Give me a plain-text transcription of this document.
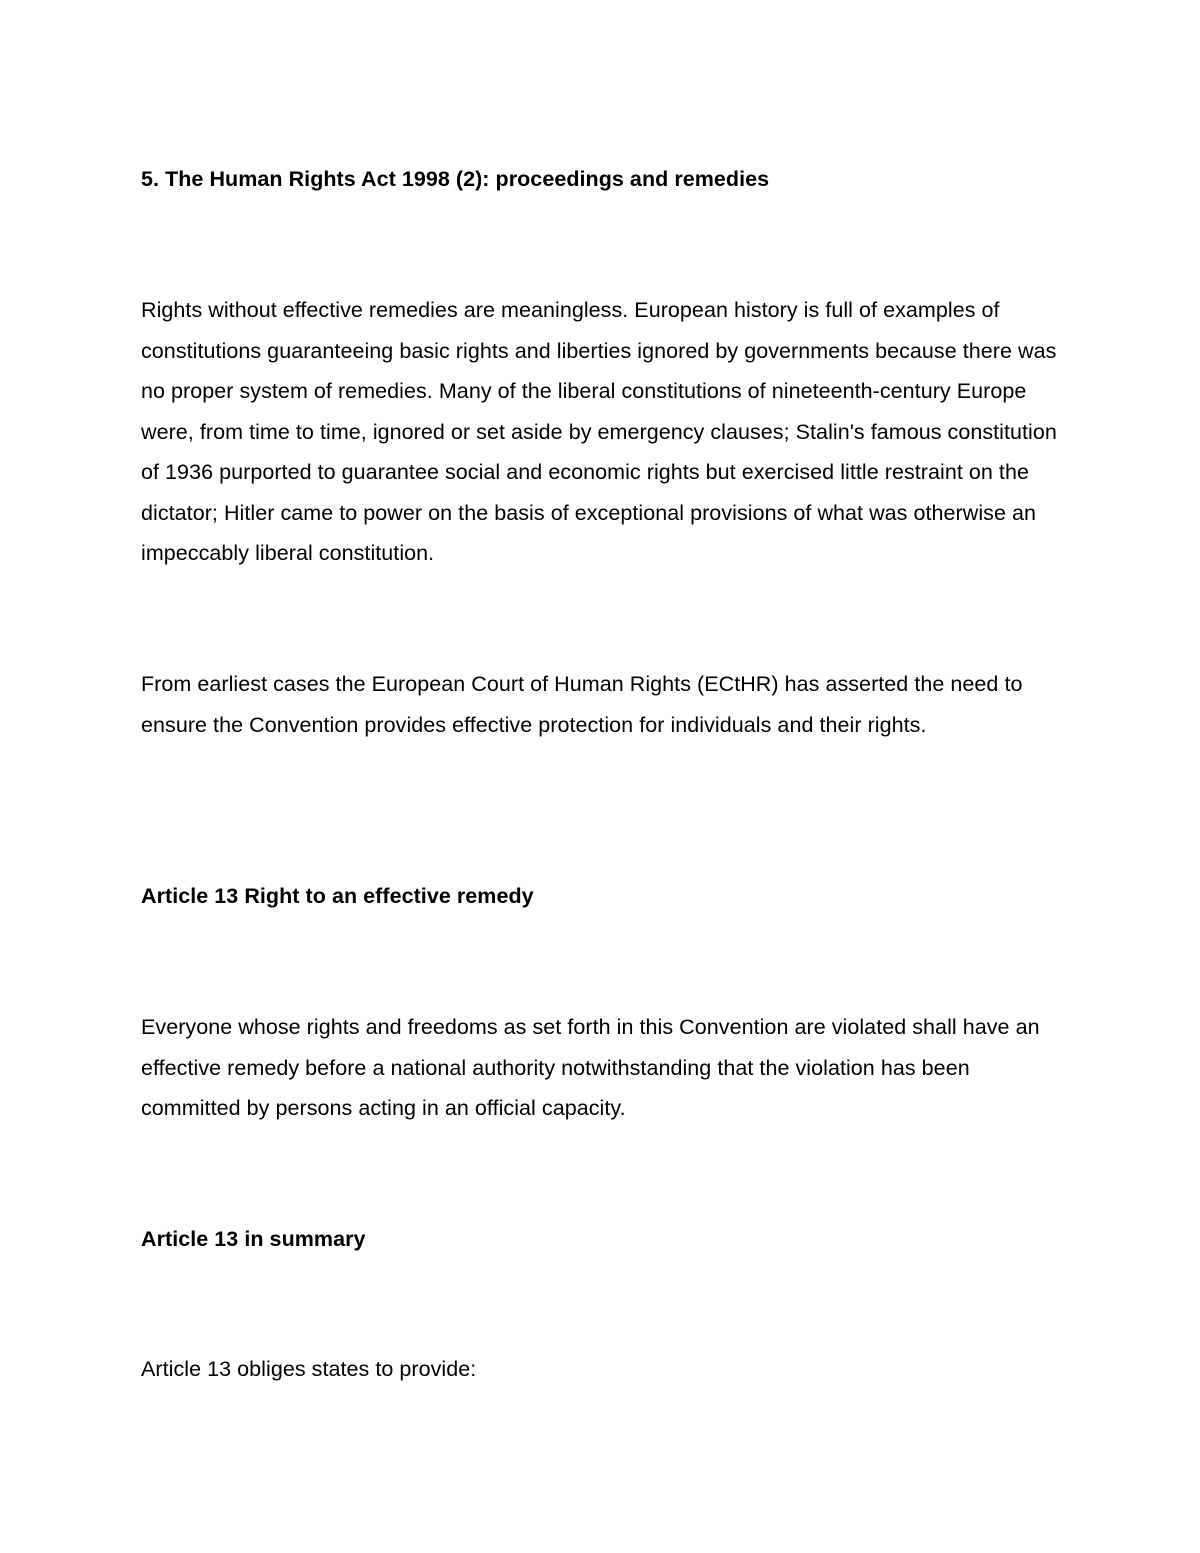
5. The Human Rights Act 1998 (2): proceedings and remedies

Rights without effective remedies are meaningless. European history is full of examples of constitutions guaranteeing basic rights and liberties ignored by governments because there was no proper system of remedies. Many of the liberal constitutions of nineteenth-century Europe were, from time to time, ignored or set aside by emergency clauses; Stalin's famous constitution of 1936 purported to guarantee social and economic rights but exercised little restraint on the dictator; Hitler came to power on the basis of exceptional provisions of what was otherwise an impeccably liberal constitution.

From earliest cases the European Court of Human Rights (ECtHR) has asserted the need to ensure the Convention provides effective protection for individuals and their rights.

Article 13 Right to an effective remedy

Everyone whose rights and freedoms as set forth in this Convention are violated shall have an effective remedy before a national authority notwithstanding that the violation has been committed by persons acting in an official capacity.

Article 13 in summary

Article 13 obliges states to provide:
